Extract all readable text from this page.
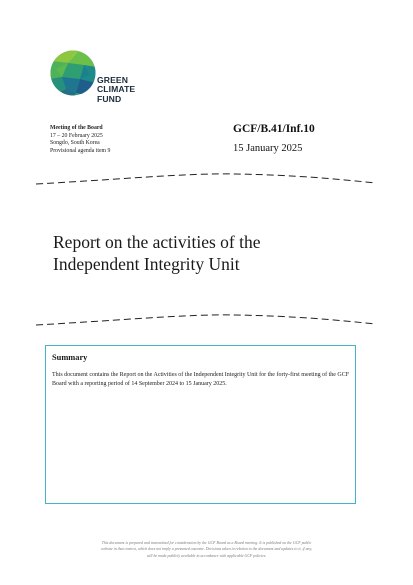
GREEN
CLIMATE
FUND
Meeting of the Board
17 – 20 February 2025
Songdo, South Korea
Provisional agenda item 9
GCF/B.41/Inf.10
15 January 2025
Report on the activities of the
Independent Integrity Unit
Summary
This document contains the Report on the Activities of the Independent Integrity Unit for the forty-first meeting of the GCF Board with a reporting period of 14 September 2024 to 15 January 2025.
This document is prepared and transmitted for consideration by the GCF Board as a Board meeting. It is published on the GCF public
website in that context, which does not imply a presumed outcome. Decisions taken in relation to the document and updates to it, if any,
will be made publicly available in accordance with applicable GCF policies.
